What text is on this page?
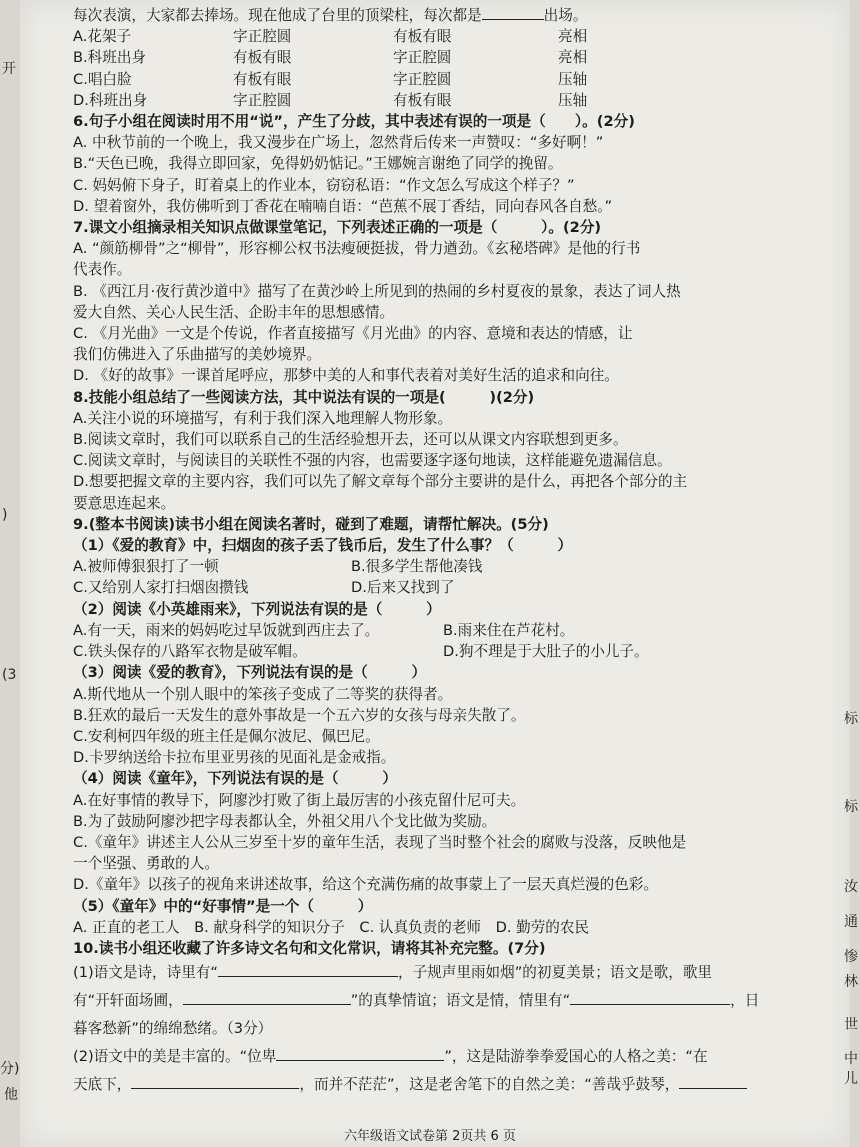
开
)
(3
分)
他
标
标
汝
通
惨
林
世
中
儿
每次表演，大家都去捧场。现在他成了台里的顶梁柱，每次都是	出场。
A.花架子	字正腔圆	有板有眼	亮相
B.科班出身	有板有眼	字正腔圆	亮相
C.唱白脸	有板有眼	字正腔圆	压轴
D.科班出身	字正腔圆	有板有眼	压轴
6.句子小组在阅读时用不用“说”，产生了分歧，其中表述有误的一项是（　　）。(2分)
A. 中秋节前的一个晚上，我又漫步在广场上，忽然背后传来一声赞叹：“多好啊！”
B.“天色已晚，我得立即回家，免得奶奶惦记。”王娜婉言谢绝了同学的挽留。
C. 妈妈俯下身子，盯着桌上的作业本，窃窃私语：“作文怎么写成这个样子？”
D. 望着窗外，我仿佛听到丁香花在喃喃自语：“芭蕉不展丁香结，同向春风各自愁。”
7.课文小组摘录相关知识点做课堂笔记，下列表述正确的一项是（　　　）。(2分)
A. “颜筋柳骨”之“柳骨”，形容柳公权书法瘦硬挺拔，骨力遒劲。《玄秘塔碑》是他的行书
代表作。
B. 《西江月·夜行黄沙道中》描写了在黄沙岭上所见到的热闹的乡村夏夜的景象，表达了词人热
爱大自然、关心人民生活、企盼丰年的思想感情。
C. 《月光曲》一文是个传说，作者直接描写《月光曲》的内容、意境和表达的情感，让
我们仿佛进入了乐曲描写的美妙境界。
D. 《好的故事》一课首尾呼应，那梦中美的人和事代表着对美好生活的追求和向往。
8.技能小组总结了一些阅读方法，其中说法有误的一项是(　　　)(2分)
A.关注小说的环境描写，有利于我们深入地理解人物形象。
B.阅读文章时，我们可以联系自己的生活经验想开去，还可以从课文内容联想到更多。
C.阅读文章时，与阅读目的关联性不强的内容，也需要逐字逐句地读，这样能避免遗漏信息。
D.想要把握文章的主要内容，我们可以先了解文章每个部分主要讲的是什么，再把各个部分的主
要意思连起来。
9.(整本书阅读)读书小组在阅读名著时，碰到了难题，请帮忙解决。(5分)
（1）《爱的教育》中，扫烟囱的孩子丢了钱币后，发生了什么事？（　　　）
A.被师傅狠狠打了一顿	B.很多学生帮他凑钱
C.又给别人家打扫烟囱攒钱	D.后来又找到了
（2）阅读《小英雄雨来》，下列说法有误的是（　　　）
A.有一天，雨来的妈妈吃过早饭就到西庄去了。	B.雨来住在芦花村。
C.铁头保存的八路军衣物是破军帽。	D.狗不理是于大肚子的小儿子。
（3）阅读《爱的教育》，下列说法有误的是（　　　）
A.斯代地从一个别人眼中的笨孩子变成了二等奖的获得者。
B.狂欢的最后一天发生的意外事故是一个五六岁的女孩与母亲失散了。
C.安利柯四年级的班主任是佩尔波尼、佩巴尼。
D.卡罗纳送给卡拉布里亚男孩的见面礼是金戒指。
（4）阅读《童年》，下列说法有误的是（　　　）
A.在好事情的教导下，阿廖沙打败了街上最厉害的小孩克留什尼可夫。
B.为了鼓励阿廖沙把字母表都认全，外祖父用八个戈比做为奖励。
C.《童年》讲述主人公从三岁至十岁的童年生活，表现了当时整个社会的腐败与没落，反映他是
一个坚强、勇敢的人。
D.《童年》以孩子的视角来讲述故事，给这个充满伤痛的故事蒙上了一层天真烂漫的色彩。
（5）《童年》中的“好事情”是一个（　　　）
A. 正直的老工人　B. 献身科学的知识分子　C. 认真负责的老师　D. 勤劳的农民
10.读书小组还收藏了许多诗文名句和文化常识，请将其补充完整。(7分)
(1)语文是诗，诗里有“	，子规声里雨如烟”的初夏美景；语文是歌，歌里
有“开轩面场圃，	”的真挚情谊；语文是情，情里有“	，日
暮客愁新”的绵绵愁绪。（3分）
(2)语文中的美是丰富的。“位卑	”，这是陆游拳拳爱国心的人格之美：“在
天底下，	，而并不茫茫”，这是老舍笔下的自然之美：“善哉乎鼓琴，
六年级语文试卷第 2页共 6 页
